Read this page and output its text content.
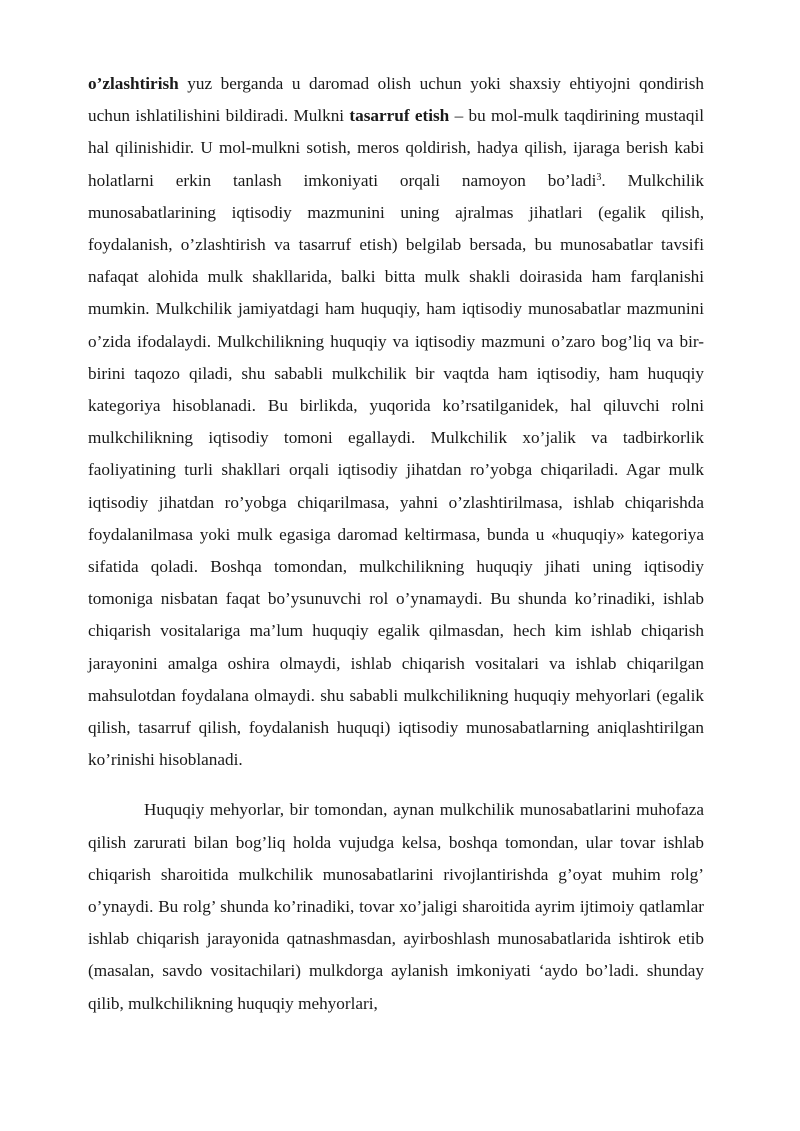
o’zlashtirish yuz berganda u daromad olish uchun yoki shaxsiy ehtiyojni qondirish uchun ishlatilishini bildiradi. Mulkni tasarruf etish – bu mol-mulk taqdirining mustaqil hal qilinishidir. U mol-mulkni sotish, meros qoldirish, hadya qilish, ijaraga berish kabi holatlarni erkin tanlash imkoniyati orqali namoyon bo’ladi$^3$. Mulkchilik munosabatlarining iqtisodiy mazmunini uning ajralmas jihatlari (egalik qilish, foydalanish, o’zlashtirish va tasarruf etish) belgilab bersada, bu munosabatlar tavsifi nafaqat alohida mulk shakllarida, balki bitta mulk shakli doirasida ham farqlanishi mumkin. Mulkchilik jamiyatdagi ham huquqiy, ham iqtisodiy munosabatlar mazmunini o’zida ifodalaydi. Mulkchilikning huquqiy va iqtisodiy mazmuni o’zaro bog’liq va bir-birini taqozo qiladi, shu sababli mulkchilik bir vaqtda ham iqtisodiy, ham huquqiy kategoriya hisoblanadi. Bu birlikda, yuqorida ko’rsatilganidek, hal qiluvchi rolni mulkchilikning iqtisodiy tomoni egallaydi. Mulkchilik xo’jalik va tadbirkorlik faoliyatining turli shakllari orqali iqtisodiy jihatdan ro’yobga chiqariladi. Agar mulk iqtisodiy jihatdan ro’yobga chiqarilmasa, yahni o’zlashtirilmasa, ishlab chiqarishda foydalanilmasa yoki mulk egasiga daromad keltirmasa, bunda u «huquqiy» kategoriya sifatida qoladi. Boshqa tomondan, mulkchilikning huquqiy jihati uning iqtisodiy tomoniga nisbatan faqat bo’ysunuvchi rol o’ynamaydi. Bu shunda ko’rinadiki, ishlab chiqarish vositalariga ma’lum huquqiy egalik qilmasdan, hech kim ishlab chiqarish jarayonini amalga oshira olmaydi, ishlab chiqarish vositalari va ishlab chiqarilgan mahsulotdan foydalana olmaydi. shu sababli mulkchilikning huquqiy mehyorlari (egalik qilish, tasarruf qilish, foydalanish huquqi) iqtisodiy munosabatlarning aniqlashtirilgan ko’rinishi hisoblanadi.

Huquqiy mehyorlar, bir tomondan, aynan mulkchilik munosabatlarini muhofaza qilish zarurati bilan bog’liq holda vujudga kelsa, boshqa tomondan, ular tovar ishlab chiqarish sharoitida mulkchilik munosabatlarini rivojlantirishda g’oyat muhim rolg’ o’ynaydi. Bu rolg’ shunda ko’rinadiki, tovar xo’jaligi sharoitida ayrim ijtimoiy qatlamlar ishlab chiqarish jarayonida qatnashmasdan, ayirboshlash munosabatlarida ishtirok etib (masalan, savdo vositachilari) mulkdorga aylanish imkoniyati ‘aydo bo’ladi. shunday qilib, mulkchilikning huquqiy mehyorlari,
